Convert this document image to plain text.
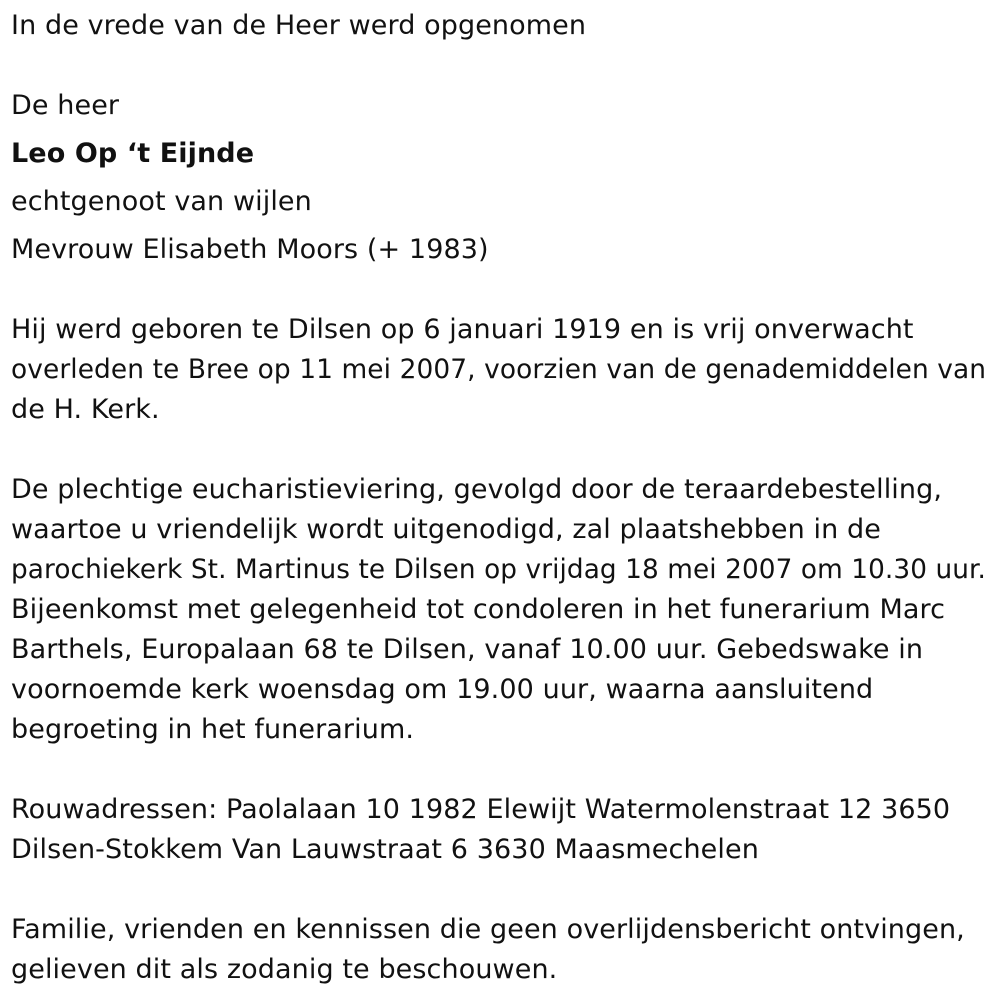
In de vrede van de Heer werd opgenomen
De heer
Leo Op ‘t Eijnde
echtgenoot van wijlen
Mevrouw Elisabeth Moors (+ 1983)
Hij werd geboren te Dilsen op 6 januari 1919 en is vrij onverwacht
overleden te Bree op 11 mei 2007, voorzien van de genademiddelen van
de H. Kerk.
De plechtige eucharistieviering, gevolgd door de teraardebestelling,
waartoe u vriendelijk wordt uitgenodigd, zal plaatshebben in de
parochiekerk St. Martinus te Dilsen op vrijdag 18 mei 2007 om 10.30 uur.
Bijeenkomst met gelegenheid tot condoleren in het funerarium Marc
Barthels, Europalaan 68 te Dilsen, vanaf 10.00 uur. Gebedswake in
voornoemde kerk woensdag om 19.00 uur, waarna aansluitend
begroeting in het funerarium.
Rouwadressen: Paolalaan 10 1982 Elewijt Watermolenstraat 12 3650
Dilsen-Stokkem Van Lauwstraat 6 3630 Maasmechelen
Familie, vrienden en kennissen die geen overlijdensbericht ontvingen,
gelieven dit als zodanig te beschouwen.
